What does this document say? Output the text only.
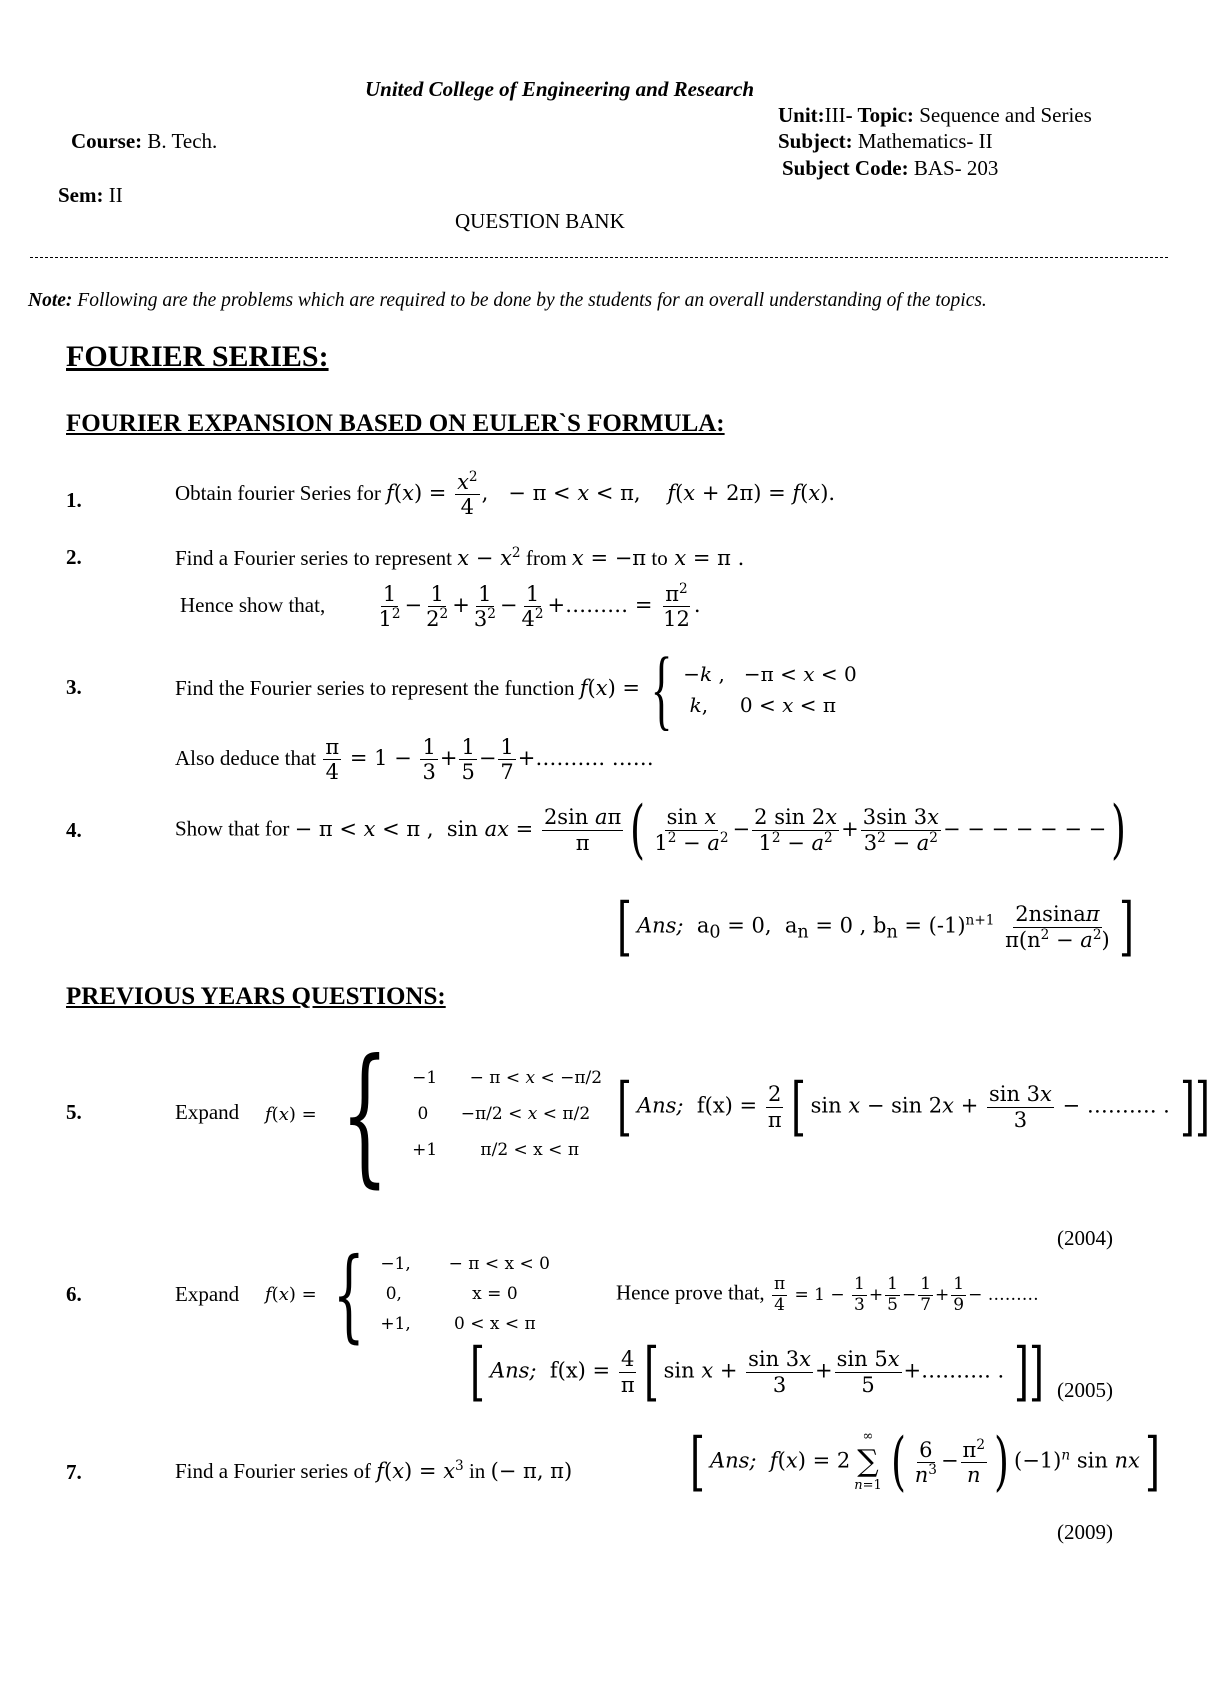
United College of Engineering and Research
Unit:III- Topic: Sequence and Series
Course: B. Tech.	Subject: Mathematics- II
Subject Code: BAS- 203
Sem: II
QUESTION BANK
Note: Following are the problems which are required to be done by the students for an overall understanding of the topics.
FOURIER SERIES:
FOURIER EXPANSION BASED ON EULER`S FORMULA:
1.	Obtain fourier Series for $f(x) = \frac{x^2}{4}$ ,   − π < x < π,    f(x + 2π) = f(x).
2.	Find a Fourier series to represent $x - x^2$ from x = −π to x = π .
Hence show that, $\frac{1}{1^2} - \frac{1}{2^2} + \frac{1}{3^2} - \frac{1}{4^2}$ +……… = $\frac{\pi^2}{12}$ .
3.	Find the Fourier series to represent the function f(x) = { −k ,   −π < x < 0
k,     0 < x < π
Also deduce that $\frac{\pi}{4} = 1 - \frac{1}{3} + \frac{1}{5} - \frac{1}{7}$ +………. ……
4.	Show that for − π < x < π ,  sin ax = $\frac{\text{2sin aπ}}{\pi}$ ( $\frac{\text{sin x}}{1^2 - a^2} - \frac{2 \sin 2x}{1^2 - a^2} + \frac{3\sin 3x}{3^2 - a^2}$ − − − − − − −)
[ Ans;  $a_0 = 0$,  $a_n = 0$ , $b_n = (-1)^{n+1} \frac{2nsina\pi}{\pi(n^2 - a^2)}$ ]
PREVIOUS YEARS QUESTIONS:
5.	Expand f(x) = { −1      − π < x < −π/2
0      −π/2 < x < π/2
+1        π/2 < x < π
[ Ans;  $f(x) = \frac{2}{\pi}$ [ $\sin x - \sin 2x + \frac{\sin 3x}{3}$ − ………. . ]]
(2004)
6.	Expand f(x) = { −1,       − π < x < 0
0,             x = 0
+1,        0 < x < π
Hence prove that, $\frac{\pi}{4} = 1 - \frac{1}{3} + \frac{1}{5} - \frac{1}{7} + \frac{1}{9}$ − ………
[ Ans;  $f(x) = \frac{4}{\pi}$ [ $\sin x + \frac{\sin 3x}{3} + \frac{\sin 5x}{5}$ +………. . ]] (2005)
7.	Find a Fourier series of $f(x) = x^3$ in (− π, π) [ Ans; f(x) = 2
∞
∑
n=1 ( $\frac{6}{n^3} - \frac{\pi^2}{n}$ ) $(-1)^n$ sin nx]
(2009)
